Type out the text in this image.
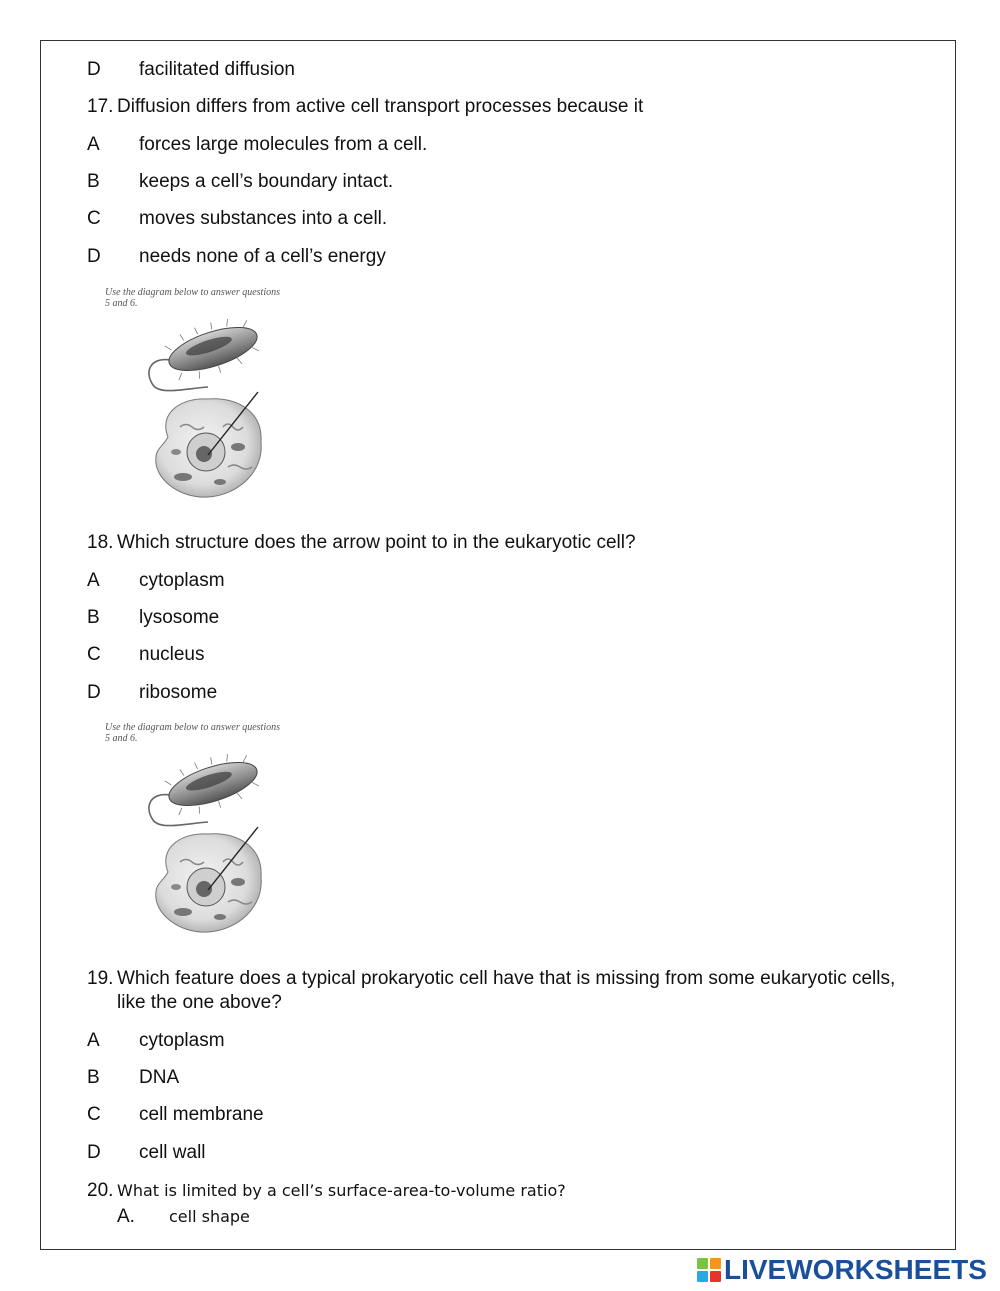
D facilitated diffusion
17. Diffusion differs from active cell transport processes because it
A forces large molecules from a cell.
B keeps a cell’s boundary intact.
C moves substances into a cell.
D needs none of a cell’s energy
Use the diagram below to answer questions
5 and 6.
18. Which structure does the arrow point to in the eukaryotic cell?
A cytoplasm
B lysosome
C nucleus
D ribosome
Use the diagram below to answer questions
5 and 6.
19. Which feature does a typical prokaryotic cell have that is missing from some eukaryotic cells,
like the one above?
A cytoplasm
B DNA
C cell membrane
D cell wall
20. What is limited by a cell’s surface-area-to-volume ratio?
A. cell shape
LIVEWORKSHEETS
